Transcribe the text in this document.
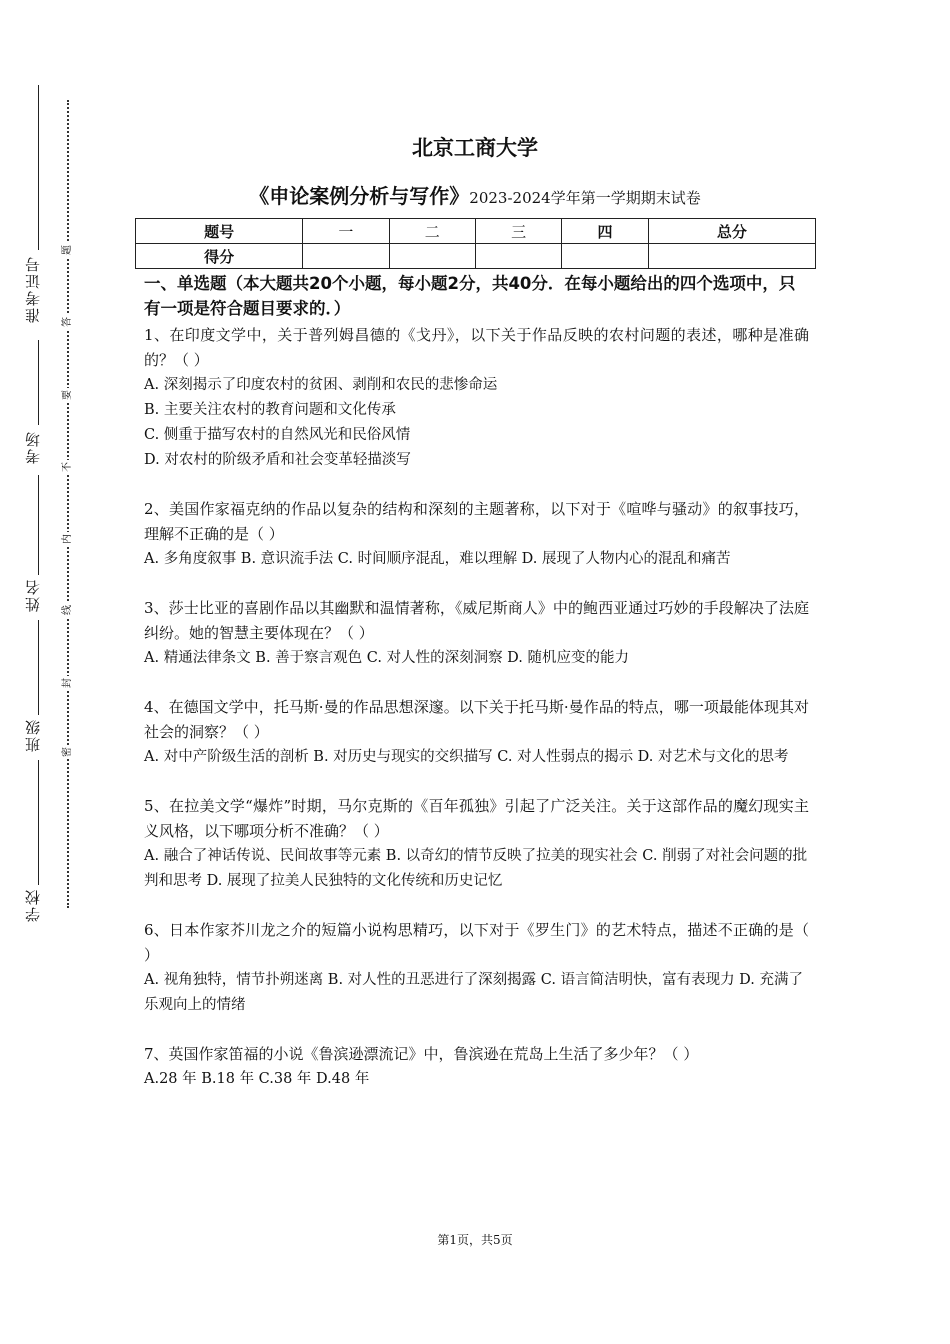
准考证号
考场
姓名
班级
学校
题
答
要
不
内
线
封
密
北京工商大学
《申论案例分析与写作》2023-2024学年第一学期期末试卷
题号	一	二	三	四	总分
得分					

一、单选题（本大题共20个小题，每小题2分，共40分．在每小题给出的四个选项中，只有一项是符合题目要求的．）

1、在印度文学中，关于普列姆昌德的《戈丹》，以下关于作品反映的农村问题的表述，哪种是准确的？（ ）

A. 深刻揭示了印度农村的贫困、剥削和农民的悲惨命运

B. 主要关注农村的教育问题和文化传承

C. 侧重于描写农村的自然风光和民俗风情

D. 对农村的阶级矛盾和社会变革轻描淡写

2、美国作家福克纳的作品以复杂的结构和深刻的主题著称，以下对于《喧哗与骚动》的叙事技巧，理解不正确的是（ ）

A. 多角度叙事 B. 意识流手法 C. 时间顺序混乱，难以理解 D. 展现了人物内心的混乱和痛苦

3、莎士比亚的喜剧作品以其幽默和温情著称，《威尼斯商人》中的鲍西亚通过巧妙的手段解决了法庭纠纷。她的智慧主要体现在？（ ）

A. 精通法律条文 B. 善于察言观色 C. 对人性的深刻洞察 D. 随机应变的能力

4、在德国文学中，托马斯·曼的作品思想深邃。以下关于托马斯·曼作品的特点，哪一项最能体现其对社会的洞察？（ ）

A. 对中产阶级生活的剖析 B. 对历史与现实的交织描写 C. 对人性弱点的揭示 D. 对艺术与文化的思考

5、在拉美文学“爆炸”时期，马尔克斯的《百年孤独》引起了广泛关注。关于这部作品的魔幻现实主义风格，以下哪项分析不准确？（ ）

A. 融合了神话传说、民间故事等元素 B. 以奇幻的情节反映了拉美的现实社会 C. 削弱了对社会问题的批判和思考 D. 展现了拉美人民独特的文化传统和历史记忆

6、日本作家芥川龙之介的短篇小说构思精巧，以下对于《罗生门》的艺术特点，描述不正确的是（ ）

A. 视角独特，情节扑朔迷离 B. 对人性的丑恶进行了深刻揭露 C. 语言简洁明快，富有表现力 D. 充满了乐观向上的情绪

7、英国作家笛福的小说《鲁滨逊漂流记》中，鲁滨逊在荒岛上生活了多少年？（ ）

A.28 年 B.18 年 C.38 年 D.48 年

第1页，共5页
